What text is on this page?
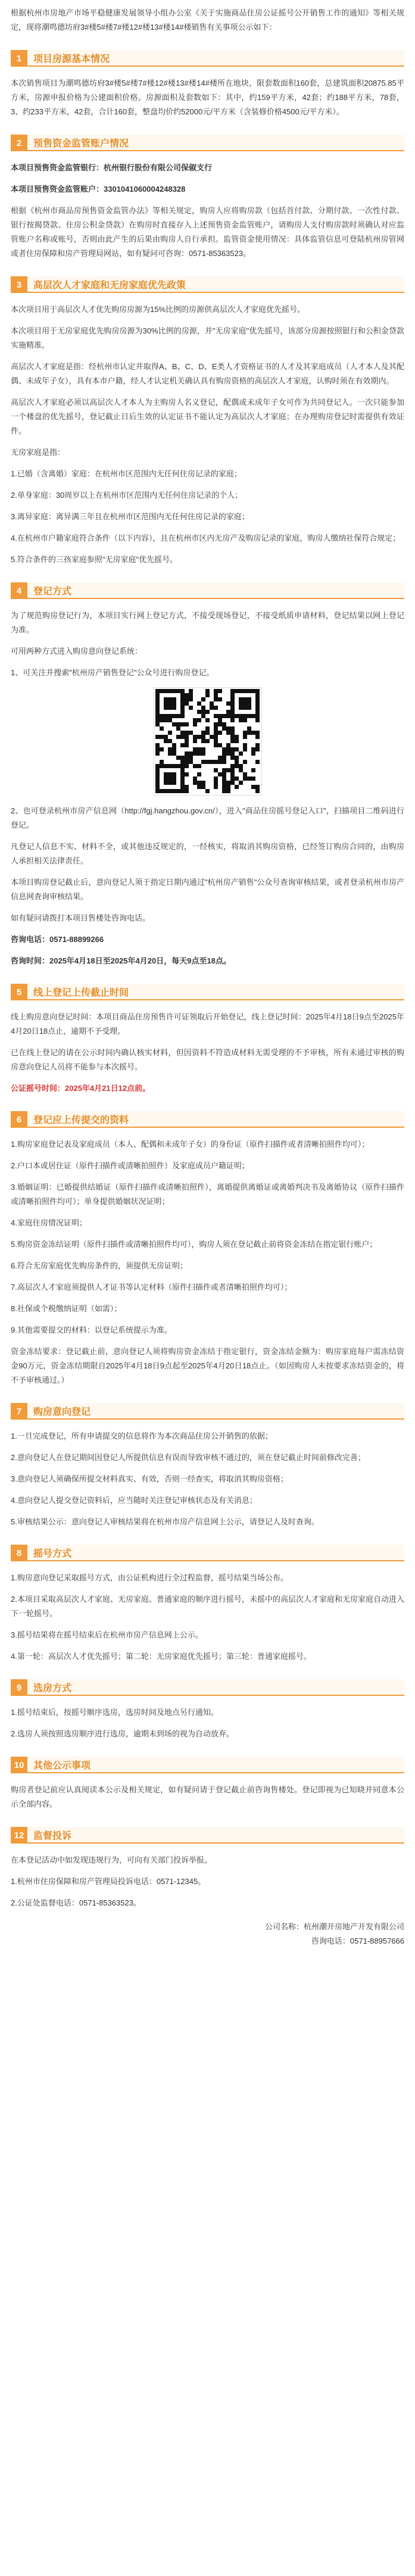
根据杭州市房地产市场平稳健康发展领导小组办公室《关于实施商品住房公证摇号公开销售工作的通知》等相关规定，现将潮鸣德坊府3#楼5#楼7#楼12#楼13#楼14#楼销售有关事项公示如下：

1	项目房源基本情况

本次销售项目为潮鸣德坊府3#楼5#楼7#楼12#楼13#楼14#楼所在地块，限套数面积160套，总建筑面积20875.85平方米，房源申报价格为公建面积价格。房源面积及套数如下：其中，约159平方米，42套；约188平方米，78套，3、约233平方米，42套，合计160套，整盘均价约52000元/平方米（含装修价格4500元/平方米）。

2	预售资金监管账户情况

本项目预售资金监管银行：杭州银行股份有限公司保俶支行

本项目预售资金监管账户：3301041060004248328

根据《杭州市商品房预售资金监管办法》等相关规定，购房人应将购房款（包括首付款、分期付款、一次性付款、银行按揭贷款、住房公积金贷款）在购房时直接存入上述预售资金监管账户，请购房人支付购房款时须确认对应监管账户名称或账号，否则由此产生的后果由购房人自行承担。监管资金使用情况：具体监管信息可登陆杭州房管网或者住房保障和房产管理局网站，如有疑问可咨询：0571-85363523。

3	高层次人才家庭和无房家庭优先政策

本次项目用于高层次人才优先购房房源为15%比例的房源供高层次人才家庭优先摇号。

本次项目用于无房家庭优先购房房源为30%比例的房源，并"无房家庭"优先摇号，该部分房源按照银行和公积金贷款实施精准。

高层次人才家庭是指：经杭州市认定并取得A、B、C、D、E类人才资格证书的人才及其家庭成员（人才本人及其配偶、未成年子女），具有本市户籍，经人才认定机关确认具有购房资格的高层次人才家庭，认购时须在有效期内。

高层次人才家庭必须以高层次人才本人为主购房人名义登记，配偶或未成年子女可作为共同登记人。一次只能参加一个楼盘的优先摇号，登记截止日后生效的认定证书不能认定为高层次人才家庭；在办理购房登记时需提供有效证件。

无房家庭是指：

1.已婚（含离婚）家庭：在杭州市区范围内无任何住房记录的家庭；

2.单身家庭：30周岁以上在杭州市区范围内无任何住房记录的个人；

3.离异家庭：离异满三年且在杭州市区范围内无任何住房记录的家庭；

4.在杭州市户籍家庭符合条件（以下内容），且在杭州市区内无房产及购房记录的家庭，购房人缴纳社保符合规定；

5.符合条件的三孩家庭参照"无房家庭"优先摇号。

4	登记方式

为了规范购房登记行为，本项目实行网上登记方式，不接受现场登记，不接受纸质申请材料，登记结果以网上登记为准。

可用两种方式进入购房意向登记系统：

1、可关注并搜索"杭州房产销售登记"公众号进行购房登记。

2、也可登录杭州市房产信息网（http://fgj.hangzhou.gov.cn/），进入"商品住房摇号登记入口"，扫描项目二维码进行登记。

凡登记人信息不实、材料不全，或其他违反规定的，一经核实，将取消其购房资格，已经签订购房合同的，由购房人承担相关法律责任。

本项目购房登记截止后，意向登记人须于指定日期内通过"杭州房产销售"公众号查询审核结果，或者登录杭州市房产信息网查询审核结果。

如有疑问请拨打本项目售楼处咨询电话。

咨询电话：0571-88899266

咨询时间：2025年4月18日至2025年4月20日，每天9点至18点。

5	线上登记上传截止时间

线上购房意向登记时间：本项目商品住房预售许可证领取后开始登记，线上登记时间：2025年4月18日9点至2025年4月20日18点止，逾期不予受理。

已在线上登记的请在公示时间内确认核实材料，但因资料不符造成材料无需受理的不予审核，所有未通过审核的购房意向登记人员将不能参与本次摇号。

公证摇号时间：2025年4月21日12点前。

6	登记应上传提交的资料

1.购房家庭登记表及家庭成员（本人、配偶和未成年子女）的身份证（原件扫描件或者清晰拍照件均可）；

2.户口本或居住证（原件扫描件或清晰拍照件）及家庭成员户籍证明；

3.婚姻证明：已婚提供结婚证（原件扫描件或清晰拍照件），离婚提供离婚证或离婚判决书及离婚协议（原件扫描件或清晰拍照件均可）；单身提供婚姻状况证明；

4.家庭住房情况证明；

5.购房资金冻结证明（原件扫描件或清晰拍照件均可），购房人须在登记截止前将资金冻结在指定银行账户；

6.符合无房家庭优先购房条件的，须提供无房证明；

7.高层次人才家庭须提供人才证书等认定材料（原件扫描件或者清晰拍照件均可）；

8.社保或个税缴纳证明（如需）；

9.其他需要提交的材料：以登记系统提示为准。

资金冻结要求：登记截止前，意向登记人须将购房资金冻结于指定银行，资金冻结金额为：购房家庭每户需冻结资金90万元，资金冻结期限自2025年4月18日9点起至2025年4月20日18点止。（如因购房人未按要求冻结资金的，将不予审核通过。）

7	购房意向登记

1.一旦完成登记，所有申请提交的信息将作为本次商品住房公开销售的依据；

2.意向登记人在登记期间因登记人所提供信息有误而导致审核不通过的，须在登记截止时间前修改完善；

3.意向登记人须确保所提交材料真实、有效，否则一经查实，将取消其购房资格；

4.意向登记人提交登记资料后，应当随时关注登记审核状态及有关消息；

5.审核结果公示：意向登记人审核结果将在杭州市房产信息网上公示，请登记人及时查询。

8	摇号方式

1.购房意向登记采取摇号方式，由公证机构进行全过程监督，摇号结果当场公布。

2.本项目采取高层次人才家庭、无房家庭、普通家庭的顺序进行摇号，未摇中的高层次人才家庭和无房家庭自动进入下一轮摇号。

3.摇号结果将在摇号结束后在杭州市房产信息网上公示。

4.第一轮：高层次人才优先摇号；第二轮：无房家庭优先摇号；第三轮：普通家庭摇号。

9	选房方式

1.摇号结束后，按摇号顺序选房，选房时间及地点另行通知。

2.选房人须按照选房顺序进行选房，逾期未到场的视为自动放弃。

10 其他公示事项

购房者登记前应认真阅读本公示及相关规定，如有疑问请于登记截止前咨询售楼处。登记即视为已知晓并同意本公示全部内容。

12 监督投诉

在本登记活动中如发现违规行为，可向有关部门投诉举报。

1.杭州市住房保障和房产管理局投诉电话：0571-12345。

2.公证处监督电话：0571-85363523。

公司名称：杭州潮开房地产开发有限公司
咨询电话：0571-88957666
